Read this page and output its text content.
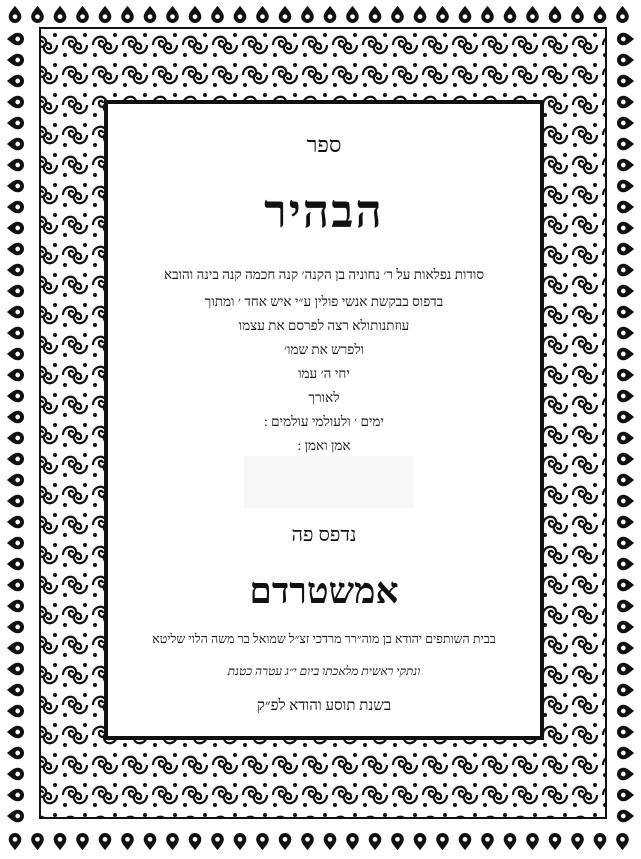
ספר
הבהיר
סודות נפלאות על ר׳ נחוניה בן הקנה׳ קנה חכמה קנה בינה והובא
בדפוס בבקשת אנשי פולין ע״י איש אחד ׳ ומתוך
עוזתנותולא רצה לפרסם את עצמו
ולפרש את שמו׳
יחי ה׳ עמו
לאורך
ימים ׳ ולעולמי עולמים :
אמן ואמן :
נדפס פה
אמשטרדם
בבית השותפים יהודא בן מוה״רר מרדכי זצ״ל שמואל בר משה הלוי שליטא
ונתקי ראשית מלאכתו ביום י״ג עטרה כטנת
בשנת תוסע והודא לפ״ק
